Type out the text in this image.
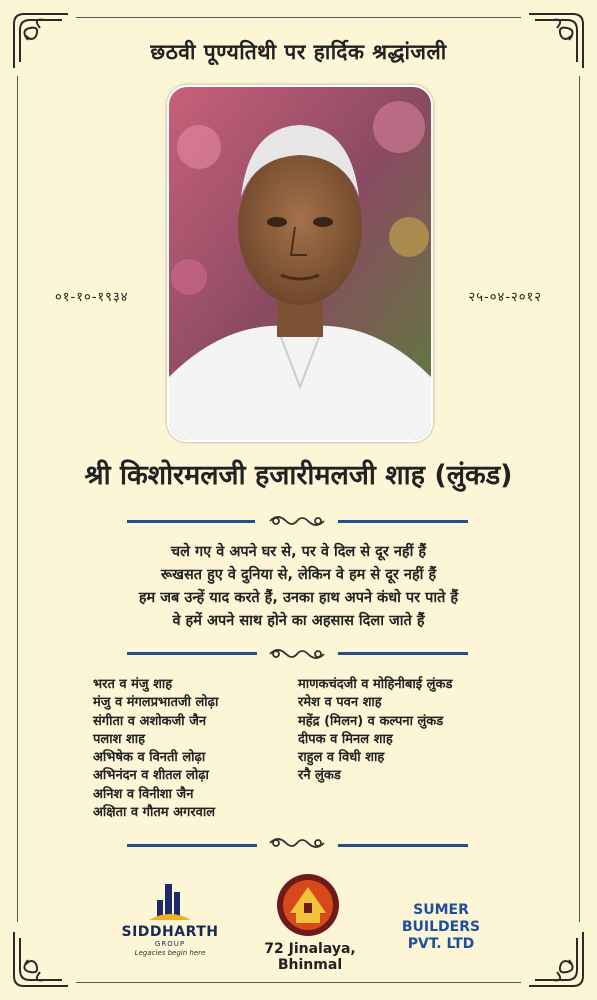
छठवी पूण्यतिथी पर हार्दिक श्रद्धांजली
०१-१०-१९३४	२५-०४-२०१२
श्री किशोरमलजी हजारीमलजी शाह (लुंकड)
चले गए वे अपने घर से, पर वे दिल से दूर नहीं हैं
रूखसत हुए वे दुनिया से, लेकिन वे हम से दूर नहीं हैं
हम जब उन्हें याद करते हैं, उनका हाथ अपने कंधो पर पाते हैं
वे हमें अपने साथ होने का अहसास दिला जाते हैं
भरत व मंजु शाह
मंजु व मंगलप्रभातजी लोढ़ा
संगीता व अशोकजी जैन
पलाश शाह
अभिषेक व विनती लोढ़ा
अभिनंदन व शीतल लोढ़ा
अनिश व विनीशा जैन
अक्षिता व गौतम अगरवाल
माणकचंदजी व मोहिनीबाई लुंकड
रमेश व पवन शाह
महेंद्र (मिलन) व कल्पना लुंकड
दीपक व मिनल शाह
राहुल व विधी शाह
रनै लुंकड
SIDDHARTH
GROUP
Legacies begin here	72 Jinalaya, Bhinmal
SUMER
BUILDERS
PVT. LTD
